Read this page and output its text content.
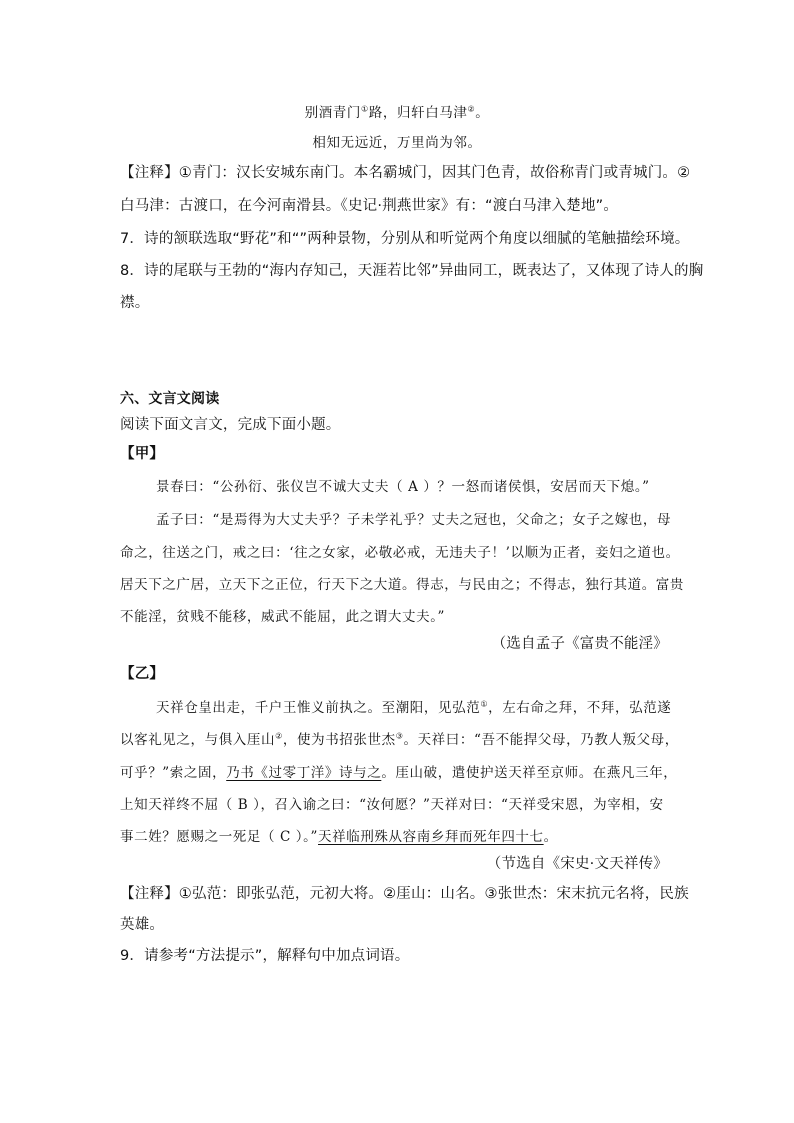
别酒青门①路，归轩白马津②。
相知无远近，万里尚为邻。
【注释】①青门：汉长安城东南门。本名霸城门，因其门色青，故俗称青门或青城门。②
白马津：古渡口，在今河南滑县。《史记·荆燕世家》有：“渡白马津入楚地”。
7．诗的颔联选取“野花”和“”两种景物，分别从和听觉两个角度以细腻的笔触描绘环境。
8．诗的尾联与王勃的“海内存知己，天涯若比邻”异曲同工，既表达了，又体现了诗人的胸
襟。
六、文言文阅读
阅读下面文言文，完成下面小题。
【甲】
景春曰：“公孙衍、张仪岂不诚大丈夫（ A ）？一怒而诸侯惧，安居而天下熄。”
孟子曰：“是焉得为大丈夫乎？子未学礼乎？丈夫之冠也，父命之；女子之嫁也，母
命之，往送之门，戒之曰：‘往之女家，必敬必戒，无违夫子！’以顺为正者，妾妇之道也。
居天下之广居，立天下之正位，行天下之大道。得志，与民由之；不得志，独行其道。富贵
不能淫，贫贱不能移，威武不能屈，此之谓大丈夫。”
（选自孟子《富贵不能淫》
【乙】
天祥仓皇出走，千户王惟义前执之。至潮阳，见弘范①，左右命之拜，不拜，弘范遂
以客礼见之，与俱入厓山②，使为书招张世杰③。天祥曰：“吾不能捍父母，乃教人叛父母，
可乎？”索之固，乃书《过零丁洋》诗与之。厓山破，遣使护送天祥至京师。在燕凡三年，
上知天祥终不屈（ B ），召入谕之曰：“汝何愿？”天祥对曰：“天祥受宋恩，为宰相，安
事二姓？愿赐之一死足（ C ）。”天祥临刑殊从容南乡拜而死年四十七。
（节选自《宋史·文天祥传》
【注释】①弘范：即张弘范，元初大将。②厓山：山名。③张世杰：宋末抗元名将，民族
英雄。
9．请参考“方法提示”，解释句中加点词语。
